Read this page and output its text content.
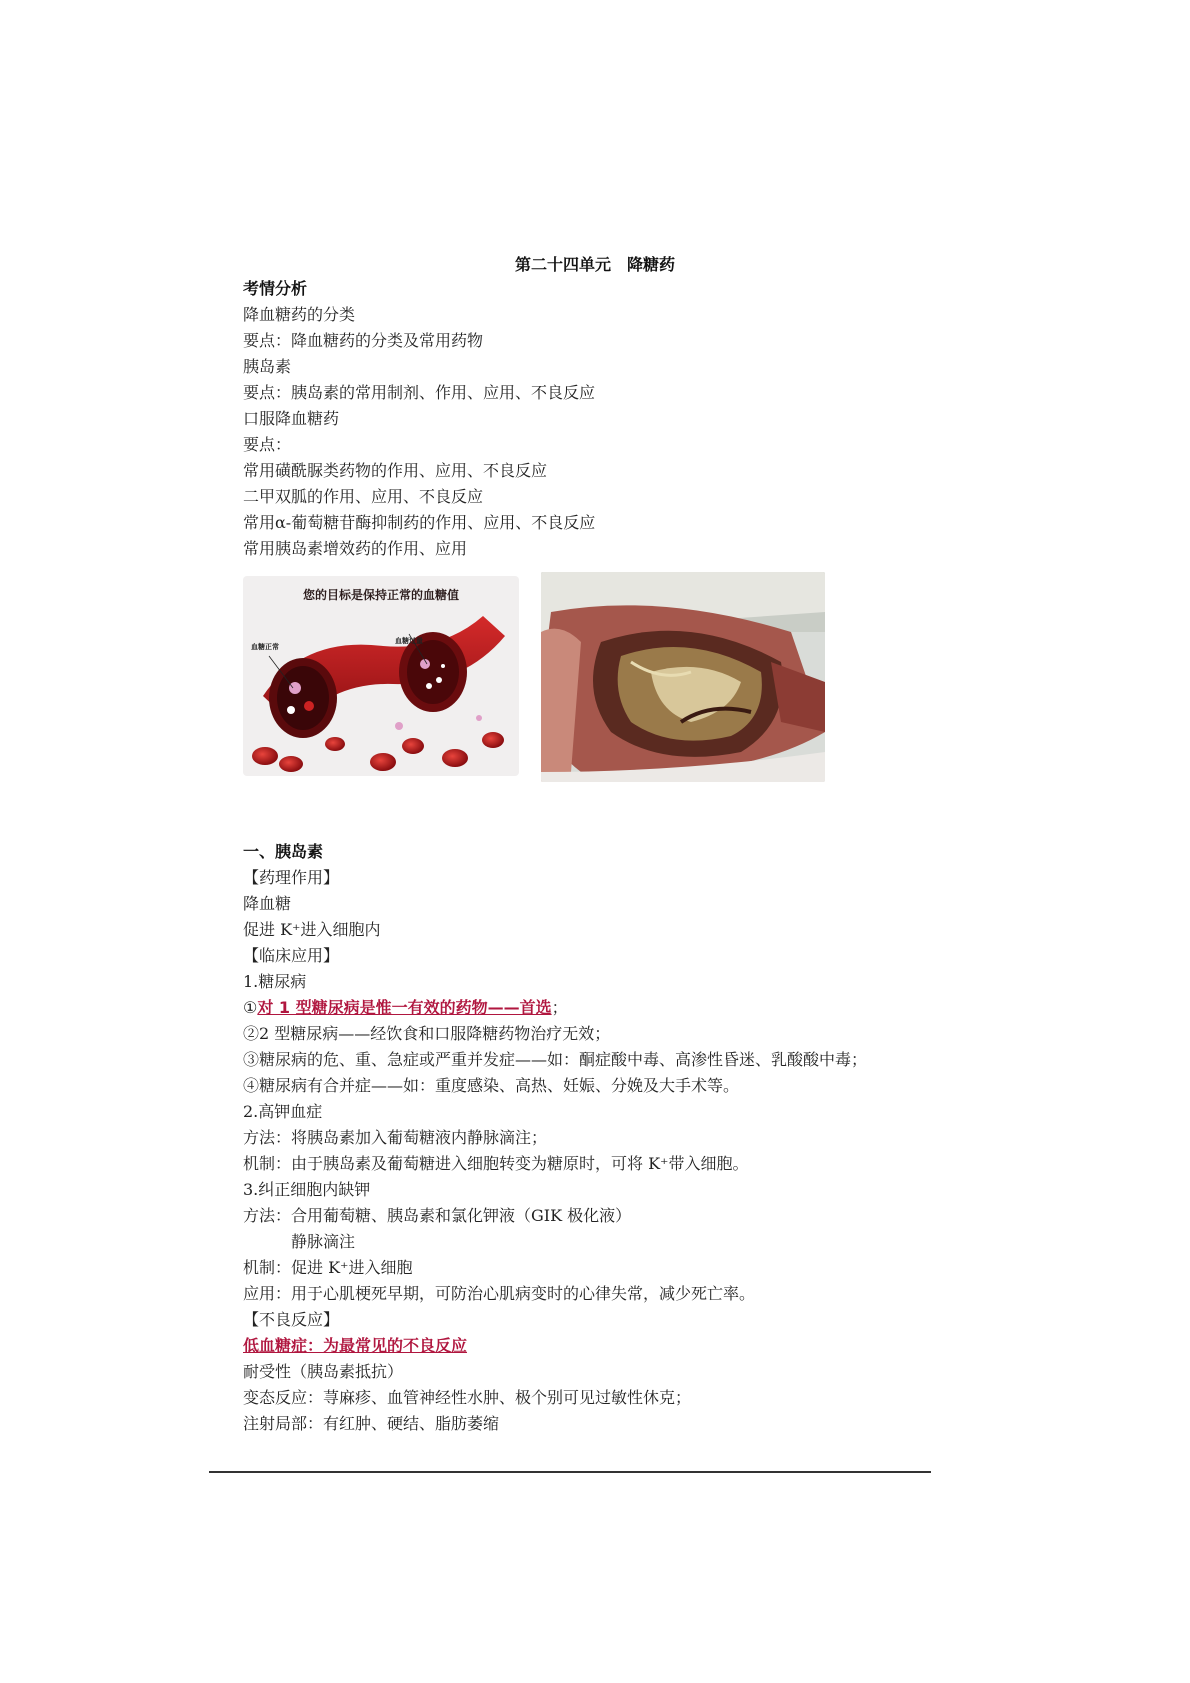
第二十四单元　降糖药
考情分析
降血糖药的分类
要点：降血糖药的分类及常用药物
胰岛素
要点：胰岛素的常用制剂、作用、应用、不良反应
口服降血糖药
要点：
常用磺酰脲类药物的作用、应用、不良反应
二甲双胍的作用、应用、不良反应
常用α-葡萄糖苷酶抑制药的作用、应用、不良反应
常用胰岛素增效药的作用、应用
您的目标是保持正常的血糖值
血糖正常
血糖过量
一、胰岛素
【药理作用】
降血糖
促进 K⁺进入细胞内
【临床应用】
1.糖尿病
①对 1 型糖尿病是惟一有效的药物——首选；
②2 型糖尿病——经饮食和口服降糖药物治疗无效；
③糖尿病的危、重、急症或严重并发症——如：酮症酸中毒、高渗性昏迷、乳酸酸中毒；
④糖尿病有合并症——如：重度感染、高热、妊娠、分娩及大手术等。
2.高钾血症
方法：将胰岛素加入葡萄糖液内静脉滴注；
机制：由于胰岛素及葡萄糖进入细胞转变为糖原时，可将 K⁺带入细胞。
3.纠正细胞内缺钾
方法：合用葡萄糖、胰岛素和氯化钾液（GIK 极化液）
静脉滴注
机制：促进 K⁺进入细胞
应用：用于心肌梗死早期，可防治心肌病变时的心律失常，减少死亡率。
【不良反应】
低血糖症：为最常见的不良反应
耐受性（胰岛素抵抗）
变态反应：荨麻疹、血管神经性水肿、极个别可见过敏性休克；
注射局部：有红肿、硬结、脂肪萎缩
